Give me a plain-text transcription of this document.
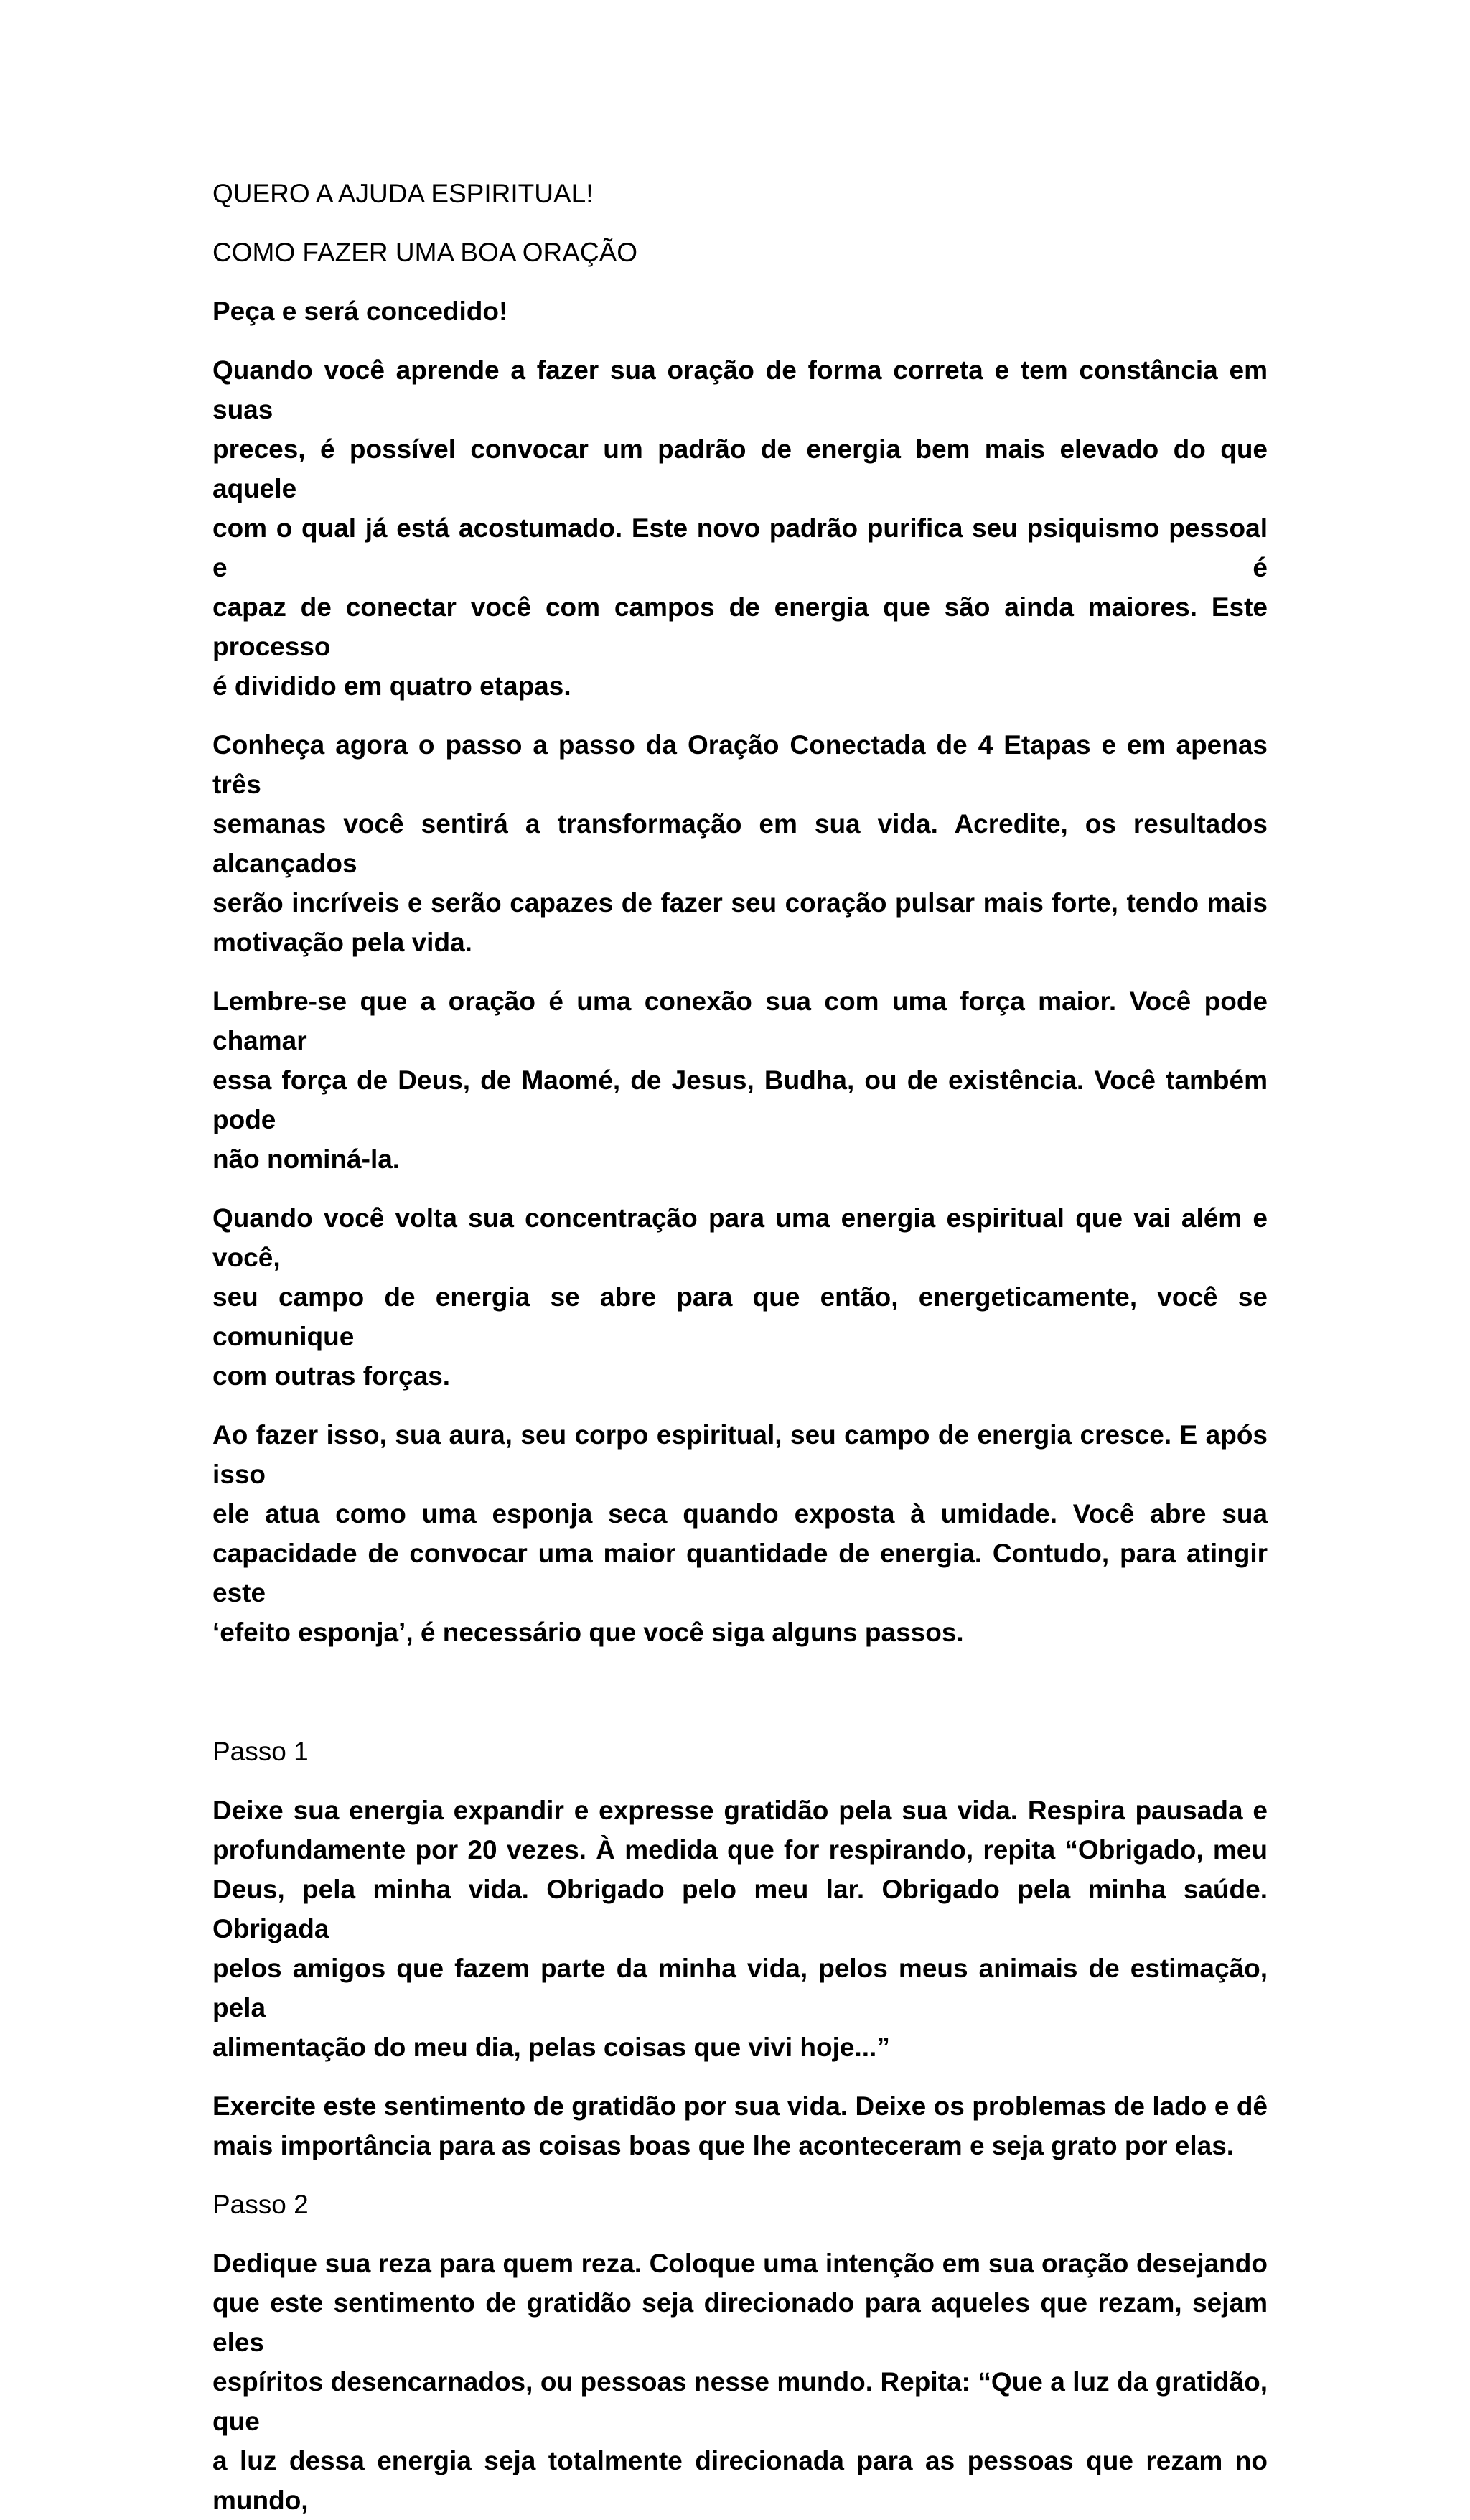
QUERO A AJUDA ESPIRITUAL!

COMO FAZER UMA BOA ORAÇÃO

Peça e será concedido!

Quando você aprende a fazer sua oração de forma correta e tem constância em suas

preces, é possível convocar um padrão de energia bem mais elevado do que aquele

com o qual já está acostumado. Este novo padrão purifica seu psiquismo pessoal e é

capaz de conectar você com campos de energia que são ainda maiores. Este processo

é dividido em quatro etapas.

Conheça agora o passo a passo da Oração Conectada de 4 Etapas e em apenas três

semanas você sentirá a transformação em sua vida. Acredite, os resultados alcançados

serão incríveis e serão capazes de fazer seu coração pulsar mais forte, tendo mais

motivação pela vida.

Lembre-se que a oração é uma conexão sua com uma força maior. Você pode chamar

essa força de Deus, de Maomé, de Jesus, Budha, ou de existência. Você também pode

não nominá-la.

Quando você volta sua concentração para uma energia espiritual que vai além e você,

seu campo de energia se abre para que então, energeticamente, você se comunique

com outras forças.

Ao fazer isso, sua aura, seu corpo espiritual, seu campo de energia cresce. E após isso

ele atua como uma esponja seca quando exposta à umidade. Você abre sua

capacidade de convocar uma maior quantidade de energia. Contudo, para atingir este

‘efeito esponja’, é necessário que você siga alguns passos.

Passo 1

Deixe sua energia expandir e expresse gratidão pela sua vida. Respira pausada e

profundamente por 20 vezes. À medida que for respirando, repita “Obrigado, meu

Deus, pela minha vida. Obrigado pelo meu lar. Obrigado pela minha saúde. Obrigada

pelos amigos que fazem parte da minha vida, pelos meus animais de estimação, pela

alimentação do meu dia, pelas coisas que vivi hoje...”

Exercite este sentimento de gratidão por sua vida. Deixe os problemas de lado e dê

mais importância para as coisas boas que lhe aconteceram e seja grato por elas.

Passo 2

Dedique sua reza para quem reza. Coloque uma intenção em sua oração desejando

que este sentimento de gratidão seja direcionado para aqueles que rezam, sejam eles

espíritos desencarnados, ou pessoas nesse mundo. Repita: “Que a luz da gratidão, que

a luz dessa energia seja totalmente direcionada para as pessoas que rezam no mundo,
